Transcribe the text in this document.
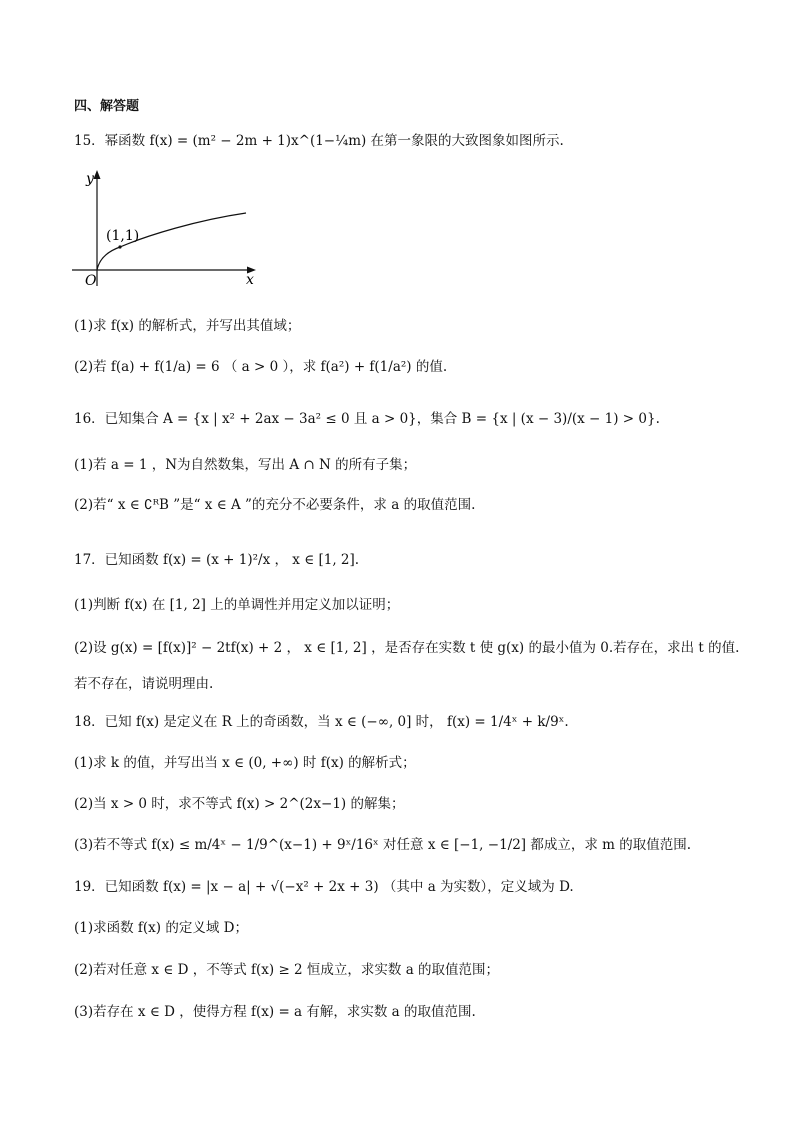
四、解答题
15．幂函数 f(x) = (m² − 2m + 1)x^(1−¼m) 在第一象限的大致图象如图所示.
y
x
O
(1,1)
(1)求 f(x) 的解析式，并写出其值域；
(2)若 f(a) + f(1/a) = 6 （ a > 0 ），求 f(a²) + f(1/a²) 的值.
16．已知集合 A = {x | x² + 2ax − 3a² ≤ 0 且 a > 0}，集合 B = {x | (x − 3)/(x − 1) > 0}.
(1)若 a = 1 ，N为自然数集，写出 A ∩ N 的所有子集；
(2)若“ x ∈ ∁ᴿB ”是“ x ∈ A ”的充分不必要条件，求 a 的取值范围.
17．已知函数 f(x) = (x + 1)²/x ， x ∈ [1, 2].
(1)判断 f(x) 在 [1, 2] 上的单调性并用定义加以证明；
(2)设 g(x) = [f(x)]² − 2tf(x) + 2 ， x ∈ [1, 2] ，是否存在实数 t 使 g(x) 的最小值为 0.若存在，求出 t 的值.
若不存在，请说明理由.
18．已知 f(x) 是定义在 R 上的奇函数，当 x ∈ (−∞, 0] 时， f(x) = 1/4ˣ + k/9ˣ.
(1)求 k 的值，并写出当 x ∈ (0, +∞) 时 f(x) 的解析式；
(2)当 x > 0 时，求不等式 f(x) > 2^(2x−1) 的解集；
(3)若不等式 f(x) ≤ m/4ˣ − 1/9^(x−1) + 9ˣ/16ˣ 对任意 x ∈ [−1, −1/2] 都成立，求 m 的取值范围.
19．已知函数 f(x) = |x − a| + √(−x² + 2x + 3) （其中 a 为实数），定义域为 D.
(1)求函数 f(x) 的定义域 D；
(2)若对任意 x ∈ D ，不等式 f(x) ≥ 2 恒成立，求实数 a 的取值范围；
(3)若存在 x ∈ D ，使得方程 f(x) = a 有解，求实数 a 的取值范围.
